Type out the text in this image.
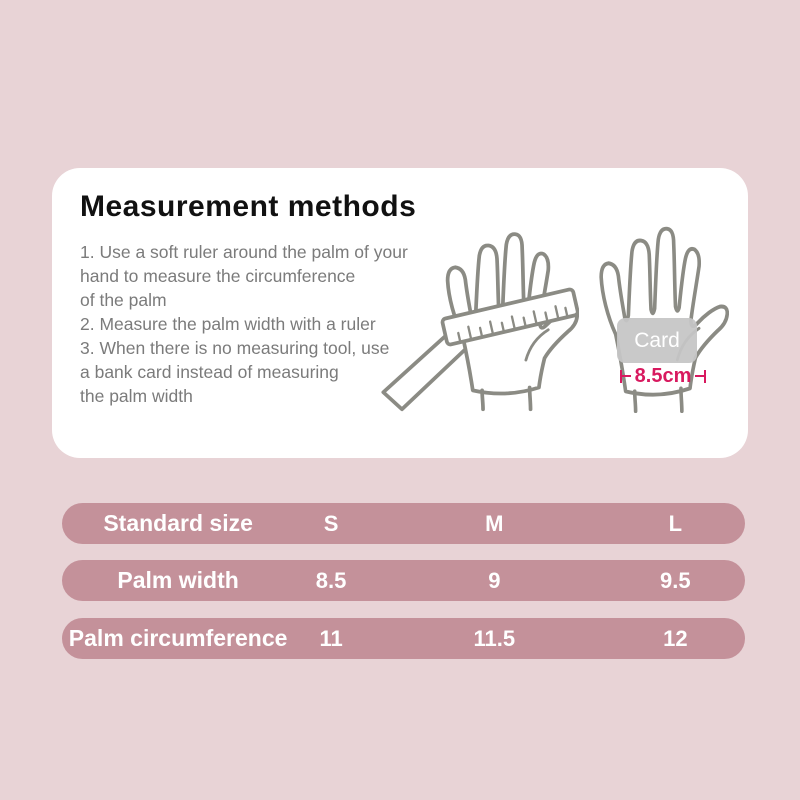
Measurement methods
1. Use a soft ruler around the palm of your
hand to measure the circumference
of the palm
2. Measure the palm width with a ruler
3. When there is no measuring tool, use
a bank card instead of measuring
the palm width
Card
8.5cm
Standard size	S	M	L
Palm width	8.5	9	9.5
Palm circumference 11	11.5	12
